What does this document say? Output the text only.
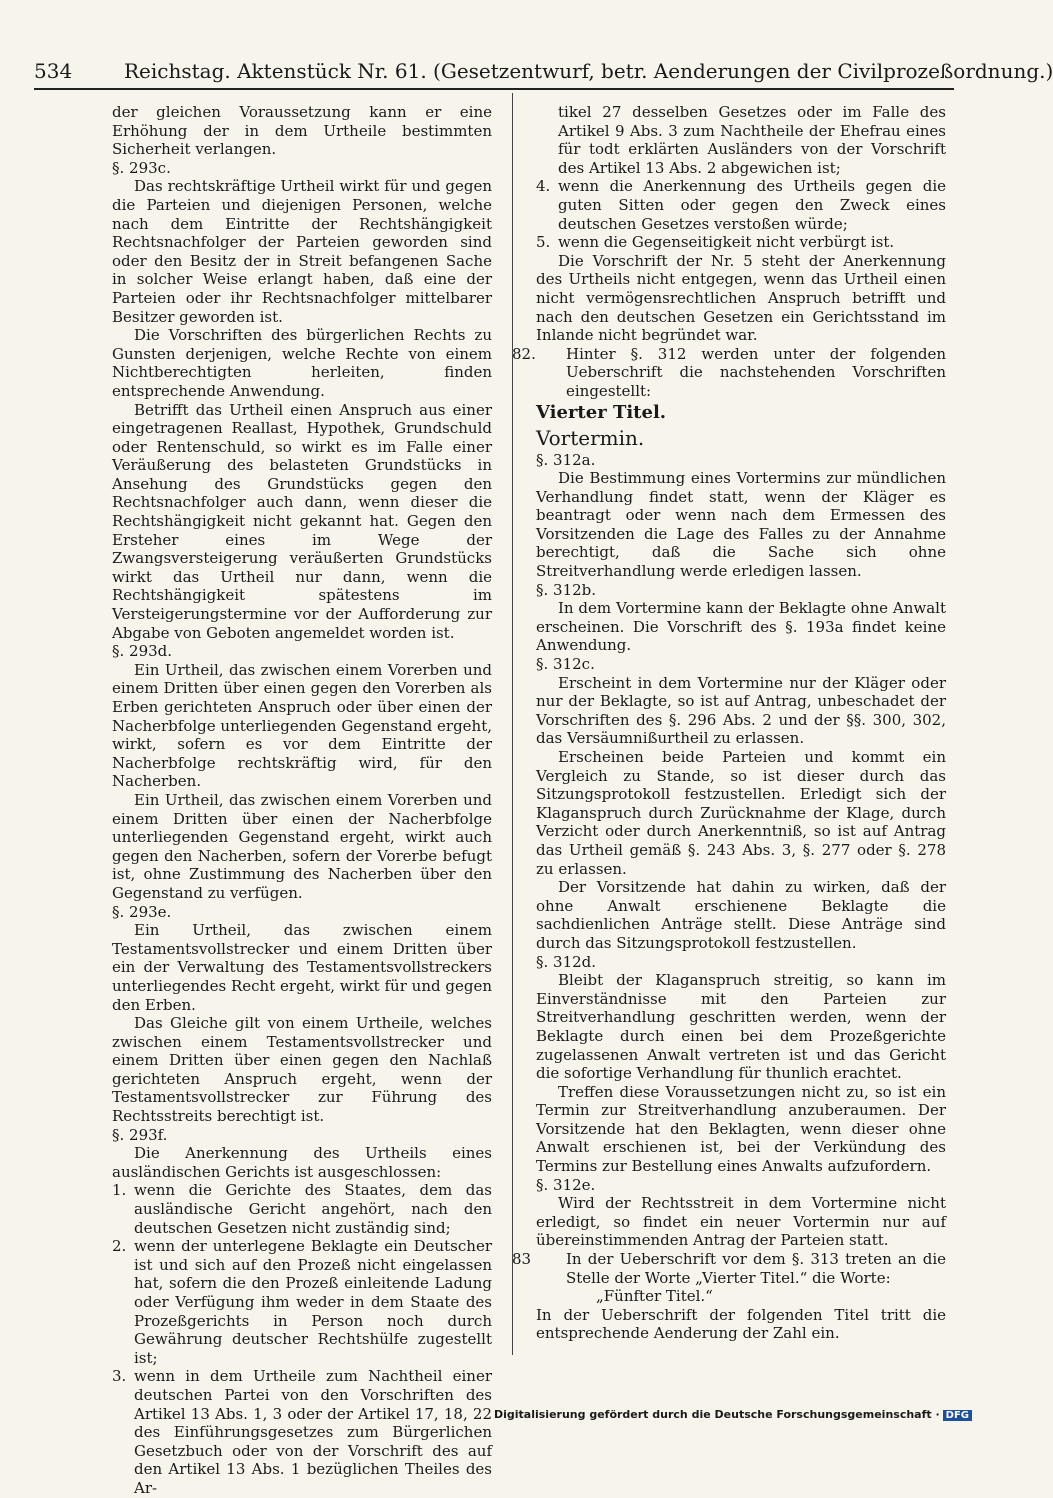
534	Reichstag. Aktenstück Nr. 61. (Gesetzentwurf, betr. Aenderungen der Civilprozeßordnung.)

der gleichen Voraussetzung kann er eine Erhöhung der in dem Urtheile bestimmten Sicherheit verlangen.

§. 293c.

Das rechtskräftige Urtheil wirkt für und gegen die Parteien und diejenigen Personen, welche nach dem Eintritte der Rechtshängigkeit Rechtsnachfolger der Parteien geworden sind oder den Besitz der in Streit befangenen Sache in solcher Weise erlangt haben, daß eine der Parteien oder ihr Rechtsnachfolger mittelbarer Besitzer geworden ist.

Die Vorschriften des bürgerlichen Rechts zu Gunsten derjenigen, welche Rechte von einem Nichtberechtigten herleiten, finden entsprechende Anwendung.

Betrifft das Urtheil einen Anspruch aus einer eingetragenen Reallast, Hypothek, Grundschuld oder Rentenschuld, so wirkt es im Falle einer Veräußerung des belasteten Grundstücks in Ansehung des Grundstücks gegen den Rechtsnachfolger auch dann, wenn dieser die Rechtshängigkeit nicht gekannt hat. Gegen den Ersteher eines im Wege der Zwangsversteigerung veräußerten Grundstücks wirkt das Urtheil nur dann, wenn die Rechtshängigkeit spätestens im Versteigerungstermine vor der Aufforderung zur Abgabe von Geboten angemeldet worden ist.

§. 293d.

Ein Urtheil, das zwischen einem Vorerben und einem Dritten über einen gegen den Vorerben als Erben gerichteten Anspruch oder über einen der Nacherbfolge unterliegenden Gegenstand ergeht, wirkt, sofern es vor dem Eintritte der Nacherbfolge rechtskräftig wird, für den Nacherben.

Ein Urtheil, das zwischen einem Vorerben und einem Dritten über einen der Nacherbfolge unterliegenden Gegenstand ergeht, wirkt auch gegen den Nacherben, sofern der Vorerbe befugt ist, ohne Zustimmung des Nacherben über den Gegenstand zu verfügen.

§. 293e.

Ein Urtheil, das zwischen einem Testamentsvollstrecker und einem Dritten über ein der Verwaltung des Testamentsvollstreckers unterliegendes Recht ergeht, wirkt für und gegen den Erben.

Das Gleiche gilt von einem Urtheile, welches zwischen einem Testamentsvollstrecker und einem Dritten über einen gegen den Nachlaß gerichteten Anspruch ergeht, wenn der Testamentsvollstrecker zur Führung des Rechtsstreits berechtigt ist.

§. 293f.

Die Anerkennung des Urtheils eines ausländischen Gerichts ist ausgeschlossen:

1. wenn die Gerichte des Staates, dem das ausländische Gericht angehört, nach den deutschen Gesetzen nicht zuständig sind;

2. wenn der unterlegene Beklagte ein Deutscher ist und sich auf den Prozeß nicht eingelassen hat, sofern die den Prozeß einleitende Ladung oder Verfügung ihm weder in dem Staate des Prozeßgerichts in Person noch durch Gewährung deutscher Rechtshülfe zugestellt ist;

3. wenn in dem Urtheile zum Nachtheil einer deutschen Partei von den Vorschriften des Artikel 13 Abs. 1, 3 oder der Artikel 17, 18, 22 des Einführungsgesetzes zum Bürgerlichen Gesetzbuch oder von der Vorschrift des auf den Artikel 13 Abs. 1 bezüglichen Theiles des Ar-

tikel 27 desselben Gesetzes oder im Falle des Artikel 9 Abs. 3 zum Nachtheile der Ehefrau eines für todt erklärten Ausländers von der Vorschrift des Artikel 13 Abs. 2 abgewichen ist;

4. wenn die Anerkennung des Urtheils gegen die guten Sitten oder gegen den Zweck eines deutschen Gesetzes verstoßen würde;

5. wenn die Gegenseitigkeit nicht verbürgt ist.

Die Vorschrift der Nr. 5 steht der Anerkennung des Urtheils nicht entgegen, wenn das Urtheil einen nicht vermögensrechtlichen Anspruch betrifft und nach den deutschen Gesetzen ein Gerichtsstand im Inlande nicht begründet war.

82. Hinter §. 312 werden unter der folgenden Ueberschrift die nachstehenden Vorschriften eingestellt:

Vierter Titel.

Vortermin.

§. 312a.

Die Bestimmung eines Vortermins zur mündlichen Verhandlung findet statt, wenn der Kläger es beantragt oder wenn nach dem Ermessen des Vorsitzenden die Lage des Falles zu der Annahme berechtigt, daß die Sache sich ohne Streitverhandlung werde erledigen lassen.

§. 312b.

In dem Vortermine kann der Beklagte ohne Anwalt erscheinen. Die Vorschrift des §. 193a findet keine Anwendung.

§. 312c.

Erscheint in dem Vortermine nur der Kläger oder nur der Beklagte, so ist auf Antrag, unbeschadet der Vorschriften des §. 296 Abs. 2 und der §§. 300, 302, das Versäumnißurtheil zu erlassen.

Erscheinen beide Parteien und kommt ein Vergleich zu Stande, so ist dieser durch das Sitzungsprotokoll festzustellen. Erledigt sich der Klaganspruch durch Zurücknahme der Klage, durch Verzicht oder durch Anerkenntniß, so ist auf Antrag das Urtheil gemäß §. 243 Abs. 3, §. 277 oder §. 278 zu erlassen.

Der Vorsitzende hat dahin zu wirken, daß der ohne Anwalt erschienene Beklagte die sachdienlichen Anträge stellt. Diese Anträge sind durch das Sitzungsprotokoll festzustellen.

§. 312d.

Bleibt der Klaganspruch streitig, so kann im Einverständnisse mit den Parteien zur Streitverhandlung geschritten werden, wenn der Beklagte durch einen bei dem Prozeßgerichte zugelassenen Anwalt vertreten ist und das Gericht die sofortige Verhandlung für thunlich erachtet.

Treffen diese Voraussetzungen nicht zu, so ist ein Termin zur Streitverhandlung anzuberaumen. Der Vorsitzende hat den Beklagten, wenn dieser ohne Anwalt erschienen ist, bei der Verkündung des Termins zur Bestellung eines Anwalts aufzufordern.

§. 312e.

Wird der Rechtsstreit in dem Vortermine nicht erledigt, so findet ein neuer Vortermin nur auf übereinstimmenden Antrag der Parteien statt.

83 In der Ueberschrift vor dem §. 313 treten an die Stelle der Worte „Vierter Titel.“ die Worte:

„Fünfter Titel.“

In der Ueberschrift der folgenden Titel tritt die entsprechende Aenderung der Zahl ein.

Digitalisierung gefördert durch die Deutsche Forschungsgemeinschaft · DFG
